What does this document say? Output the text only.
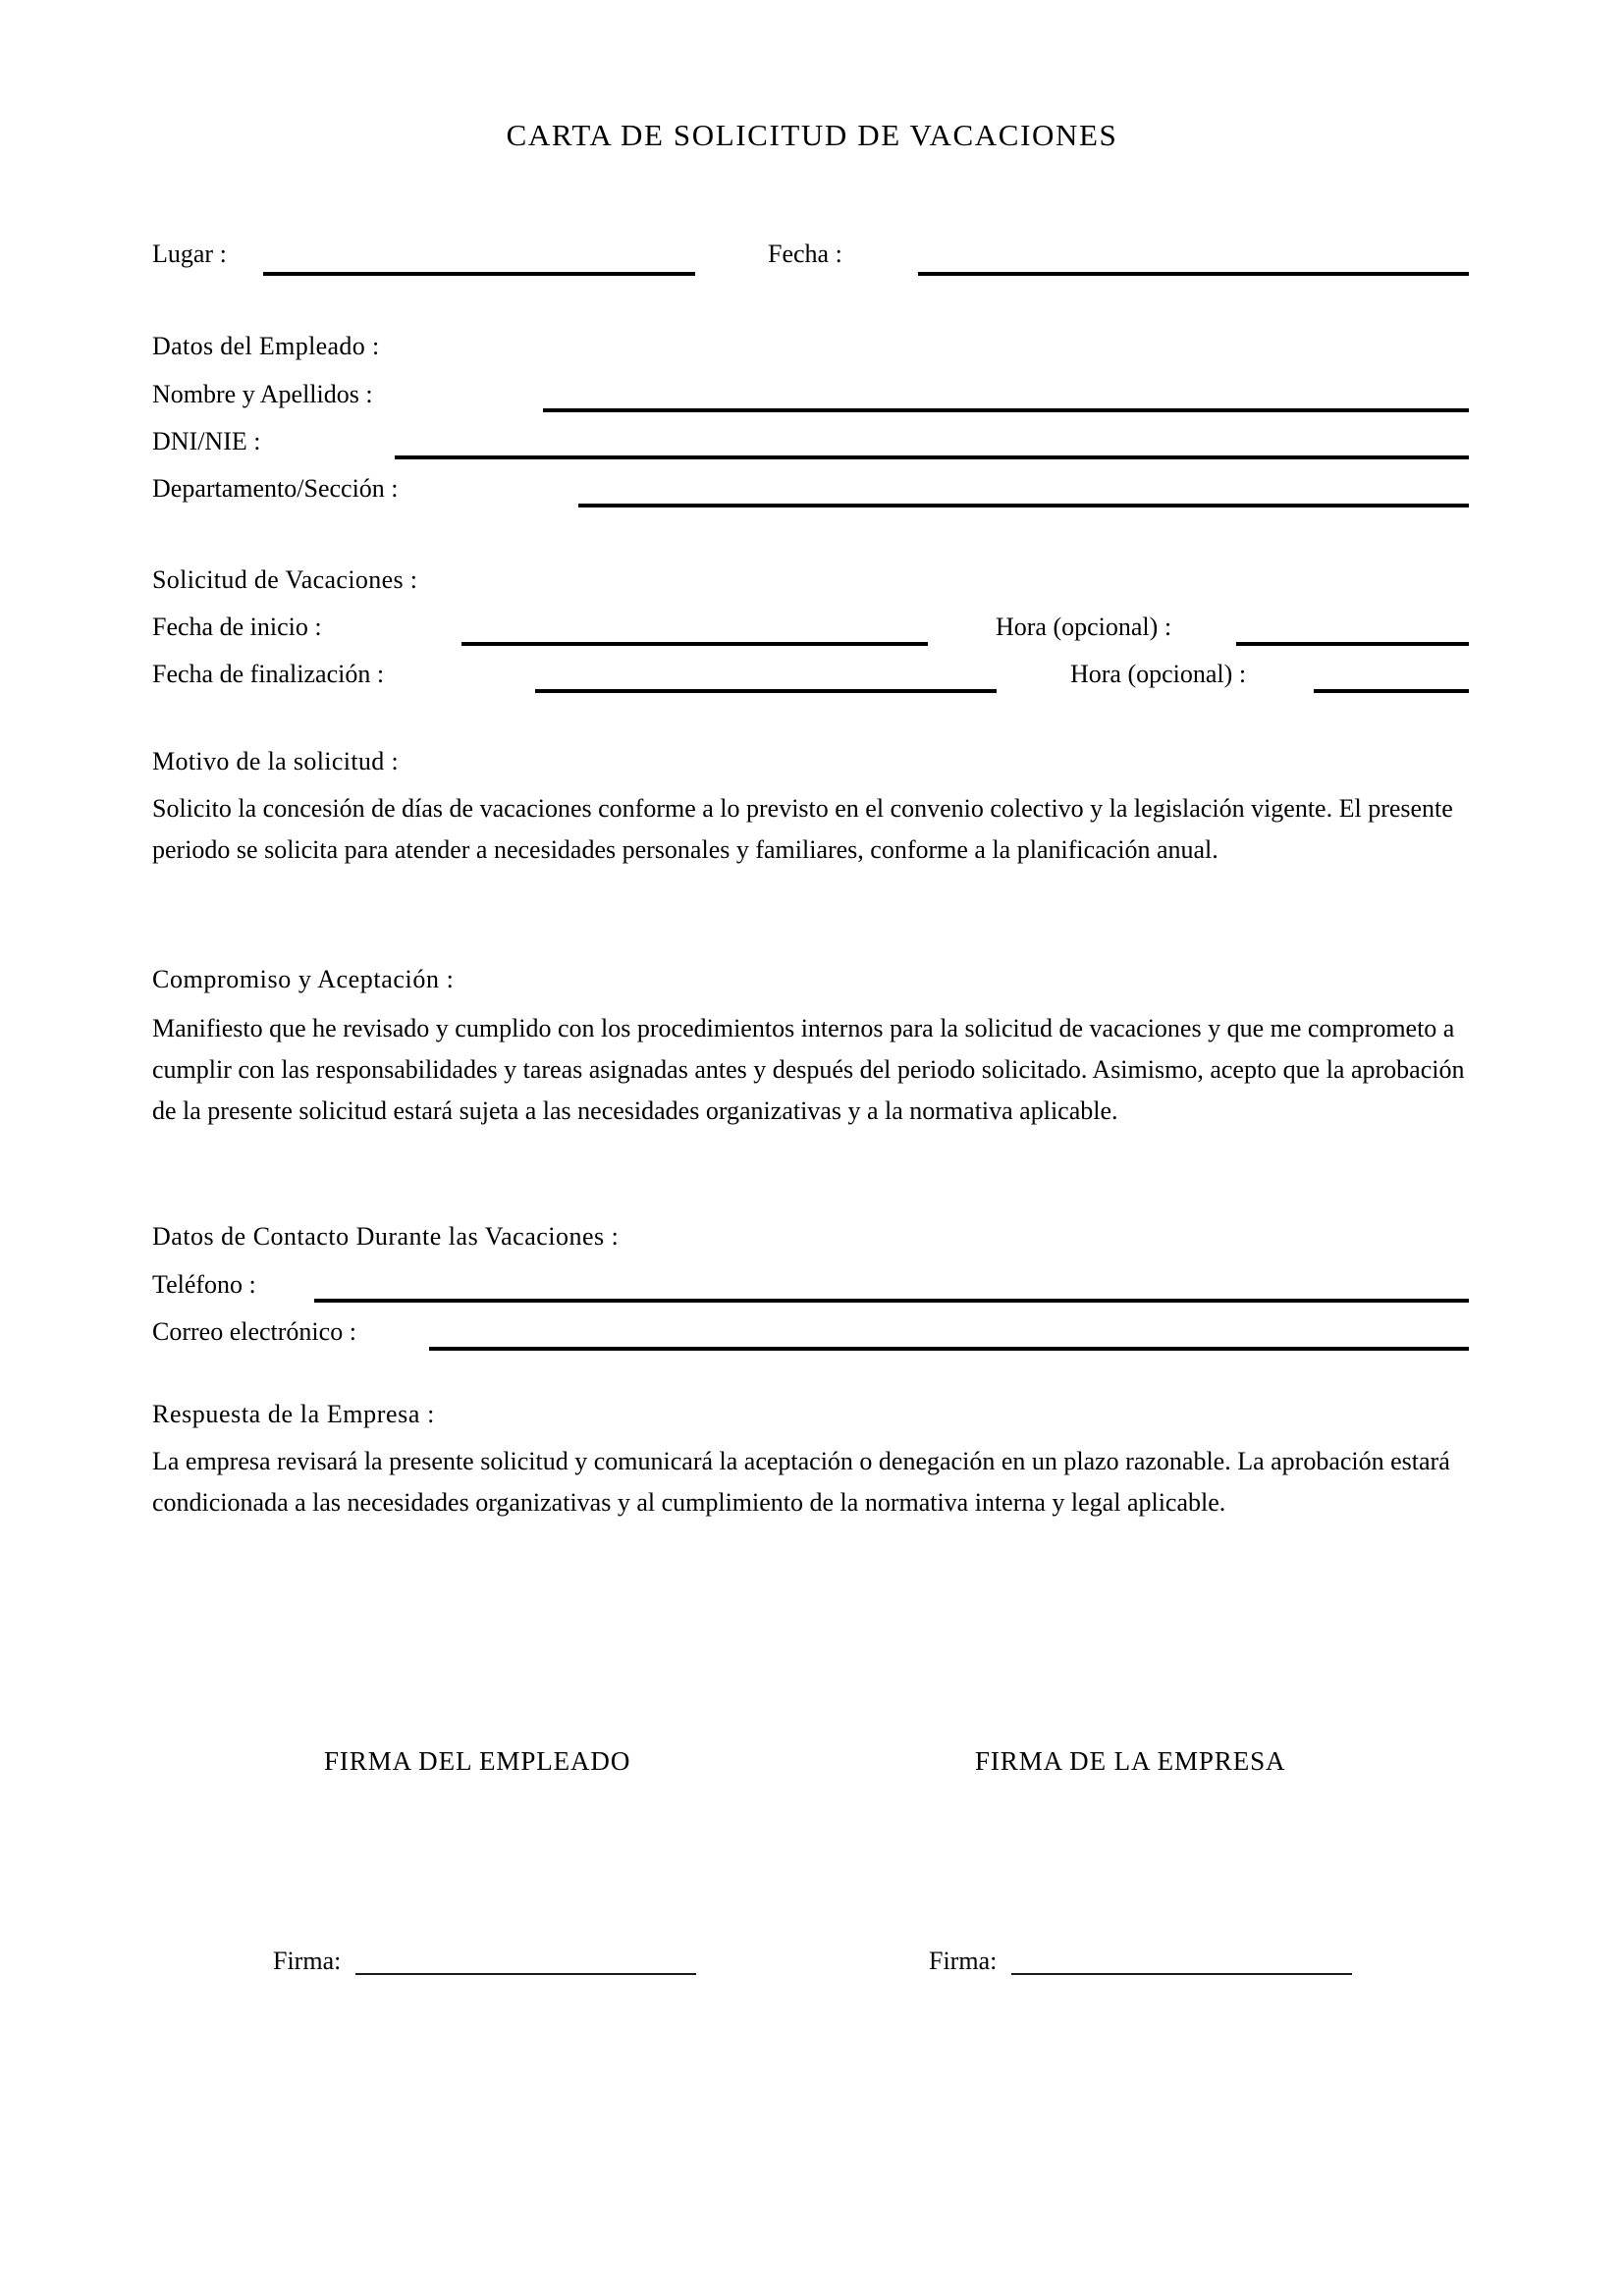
CARTA DE SOLICITUD DE VACACIONES
Lugar :	Fecha :
Datos del Empleado :
Nombre y Apellidos :
DNI/NIE :
Departamento/Sección :
Solicitud de Vacaciones :
Fecha de inicio :	Hora (opcional) :
Fecha de finalización :	Hora (opcional) :
Motivo de la solicitud :
Solicito la concesión de días de vacaciones conforme a lo previsto en el convenio colectivo y la legislación vigente. El presente periodo se solicita para atender a necesidades personales y familiares, conforme a la planificación anual.
Compromiso y Aceptación :
Manifiesto que he revisado y cumplido con los procedimientos internos para la solicitud de vacaciones y que me comprometo a cumplir con las responsabilidades y tareas asignadas antes y después del periodo solicitado. Asimismo, acepto que la aprobación de la presente solicitud estará sujeta a las necesidades organizativas y a la normativa aplicable.
Datos de Contacto Durante las Vacaciones :
Teléfono :
Correo electrónico :
Respuesta de la Empresa :
La empresa revisará la presente solicitud y comunicará la aceptación o denegación en un plazo razonable. La aprobación estará condicionada a las necesidades organizativas y al cumplimiento de la normativa interna y legal aplicable.
FIRMA DEL EMPLEADO	FIRMA DE LA EMPRESA
Firma:	Firma:
